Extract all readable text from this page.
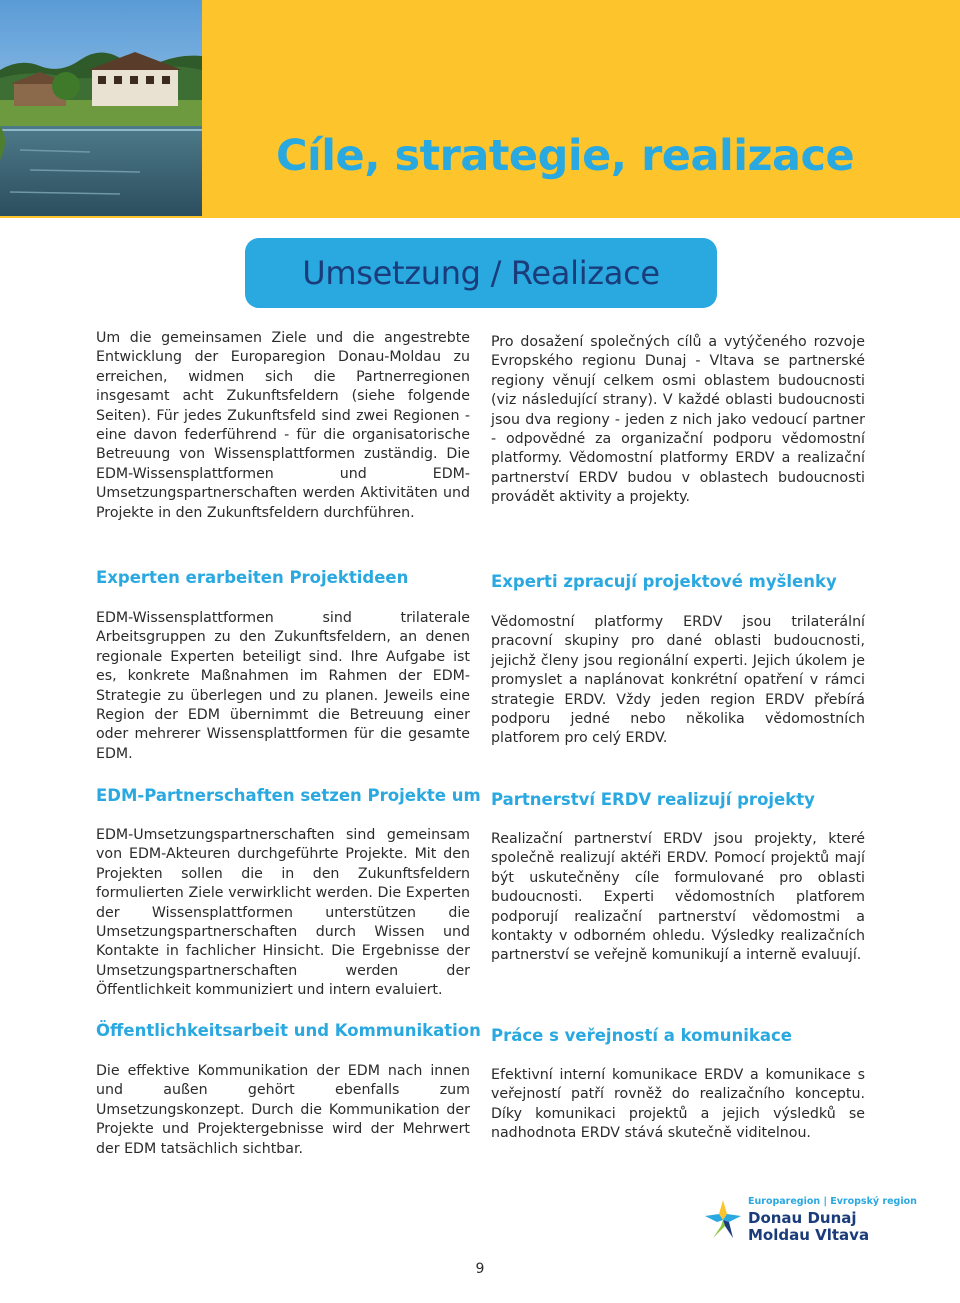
Cíle, strategie, realizace
Umsetzung / Realizace

Um die gemeinsamen Ziele und die angestrebte Entwicklung der Europaregion Donau-Moldau zu erreichen, widmen sich die Partnerregionen insgesamt acht Zukunftsfeldern (siehe folgende Seiten). Für jedes Zukunftsfeld sind zwei Regionen - eine davon federführend - für die organisatorische Betreuung von Wissensplattformen zuständig. Die EDM-Wissensplattformen und EDM-Umsetzungspartnerschaften werden Aktivitäten und Projekte in den Zukunftsfeldern durchführen.

Pro dosažení společných cílů a vytýčeného rozvoje Evropského regionu Dunaj - Vltava se partnerské regiony věnují celkem osmi oblastem budoucnosti (viz následující strany). V každé oblasti budoucnosti jsou dva regiony - jeden z nich jako vedoucí partner - odpovědné za organizační podporu vědomostní platformy. Vědomostní platformy ERDV a realizační partnerství ERDV budou v oblastech budoucnosti provádět aktivity a projekty.

Experten erarbeiten Projektideen	Experti zpracují projektové myšlenky

EDM-Wissensplattformen sind trilaterale Arbeitsgruppen zu den Zukunftsfeldern, an denen regionale Experten beteiligt sind. Ihre Aufgabe ist es, konkrete Maßnahmen im Rahmen der EDM-Strategie zu überlegen und zu planen. Jeweils eine Region der EDM übernimmt die Betreuung einer oder mehrerer Wissensplattformen für die gesamte EDM.

Vědomostní platformy ERDV jsou trilaterální pracovní skupiny pro dané oblasti budoucnosti, jejichž členy jsou regionální experti. Jejich úkolem je promyslet a naplánovat konkrétní opatření v rámci strategie ERDV. Vždy jeden region ERDV přebírá podporu jedné nebo několika vědomostních platforem pro celý ERDV.

EDM-Partnerschaften setzen Projekte um Partnerství ERDV realizují projekty

EDM-Umsetzungspartnerschaften sind gemeinsam von EDM-Akteuren durchgeführte Projekte. Mit den Projekten sollen die in den Zukunftsfeldern formulierten Ziele verwirklicht werden. Die Experten der Wissensplattformen unterstützen die Umsetzungspartnerschaften durch Wissen und Kontakte in fachlicher Hinsicht. Die Ergebnisse der Umsetzungspartnerschaften werden der Öffentlichkeit kommuniziert und intern evaluiert.

Realizační partnerství ERDV jsou projekty, které společně realizují aktéři ERDV. Pomocí projektů mají být uskutečněny cíle formulované pro oblasti budoucnosti. Experti vědomostních platforem podporují realizační partnerství vědomostmi a kontakty v odborném ohledu. Výsledky realizačních partnerství se veřejně komunikují a interně evaluují.

Öffentlichkeitsarbeit und Kommunikation Práce s veřejností a komunikace

Die effektive Kommunikation der EDM nach innen und außen gehört ebenfalls zum Umsetzungskonzept. Durch die Kommunikation der Projekte und Projektergebnisse wird der Mehrwert der EDM tatsächlich sichtbar.

Efektivní interní komunikace ERDV a komunikace s veřejností patří rovněž do realizačního konceptu. Díky komunikaci projektů a jejich výsledků se nadhodnota ERDV stává skutečně viditelnou.

Europaregion | Evropský region
Donau Dunaj
Moldau Vltava
9
